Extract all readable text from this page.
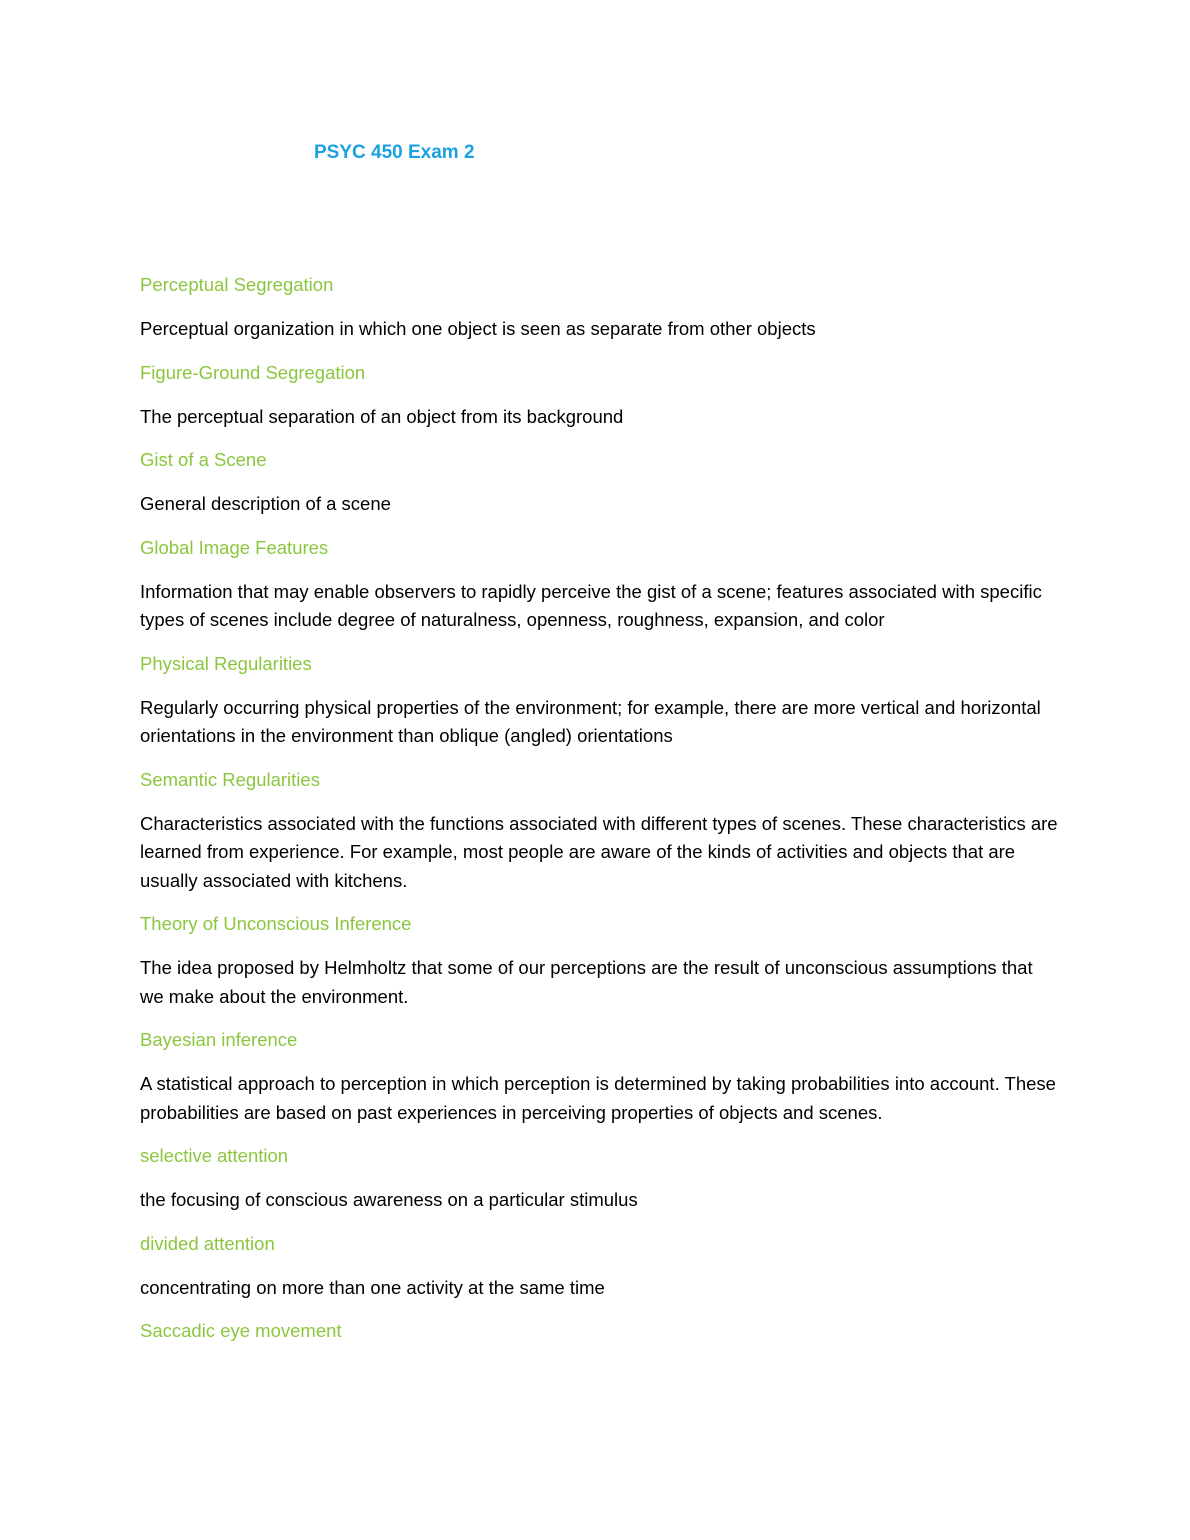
PSYC 450 Exam 2
Perceptual Segregation
Perceptual organization in which one object is seen as separate from other objects
Figure-Ground Segregation
The perceptual separation of an object from its background
Gist of a Scene
General description of a scene
Global Image Features
Information that may enable observers to rapidly perceive the gist of a scene; features associated with specific types of scenes include degree of naturalness, openness, roughness, expansion, and color
Physical Regularities
Regularly occurring physical properties of the environment; for example, there are more vertical and horizontal orientations in the environment than oblique (angled) orientations
Semantic Regularities
Characteristics associated with the functions associated with different types of scenes. These characteristics are learned from experience. For example, most people are aware of the kinds of activities and objects that are usually associated with kitchens.
Theory of Unconscious Inference
The idea proposed by Helmholtz that some of our perceptions are the result of unconscious assumptions that we make about the environment.
Bayesian inference
A statistical approach to perception in which perception is determined by taking probabilities into account. These probabilities are based on past experiences in perceiving properties of objects and scenes.
selective attention
the focusing of conscious awareness on a particular stimulus
divided attention
concentrating on more than one activity at the same time
Saccadic eye movement
